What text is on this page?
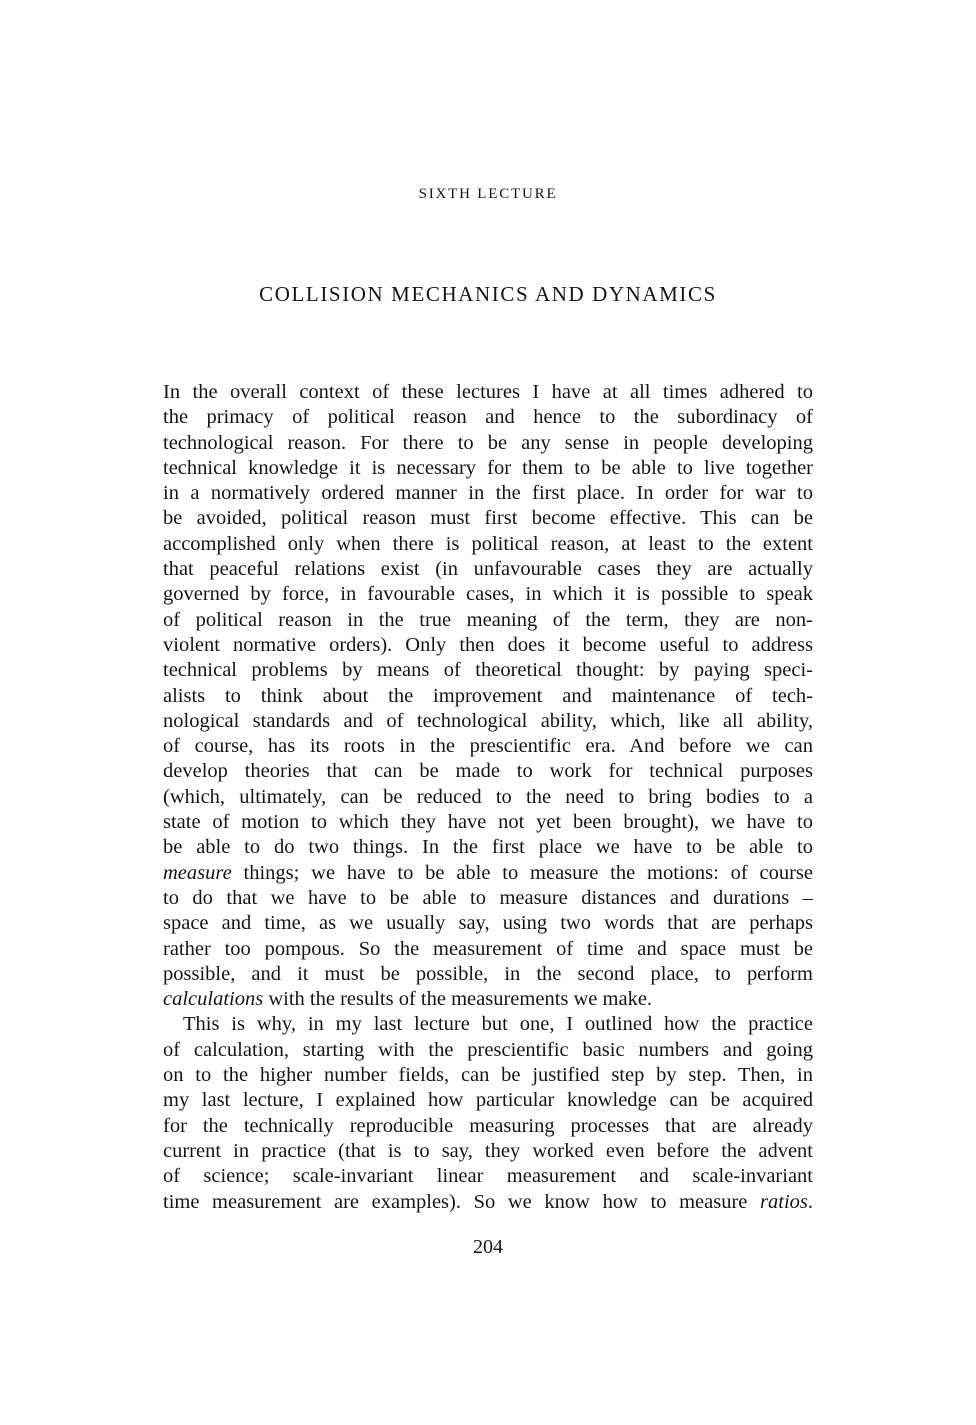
SIXTH LECTURE
COLLISION MECHANICS AND DYNAMICS
In the overall context of these lectures I have at all times adhered to
the primacy of political reason and hence to the subordinacy of
technological reason. For there to be any sense in people developing
technical knowledge it is necessary for them to be able to live together
in a normatively ordered manner in the first place. In order for war to
be avoided, political reason must first become effective. This can be
accomplished only when there is political reason, at least to the extent
that peaceful relations exist (in unfavourable cases they are actually
governed by force, in favourable cases, in which it is possible to speak
of political reason in the true meaning of the term, they are non-
violent normative orders). Only then does it become useful to address
technical problems by means of theoretical thought: by paying speci-
alists to think about the improvement and maintenance of tech-
nological standards and of technological ability, which, like all ability,
of course, has its roots in the prescientific era. And before we can
develop theories that can be made to work for technical purposes
(which, ultimately, can be reduced to the need to bring bodies to a
state of motion to which they have not yet been brought), we have to
be able to do two things. In the first place we have to be able to
measure things; we have to be able to measure the motions: of course
to do that we have to be able to measure distances and durations –
space and time, as we usually say, using two words that are perhaps
rather too pompous. So the measurement of time and space must be
possible, and it must be possible, in the second place, to perform
calculations with the results of the measurements we make.
This is why, in my last lecture but one, I outlined how the practice
of calculation, starting with the prescientific basic numbers and going
on to the higher number fields, can be justified step by step. Then, in
my last lecture, I explained how particular knowledge can be acquired
for the technically reproducible measuring processes that are already
current in practice (that is to say, they worked even before the advent
of science; scale-invariant linear measurement and scale-invariant
time measurement are examples). So we know how to measure ratios.
204
